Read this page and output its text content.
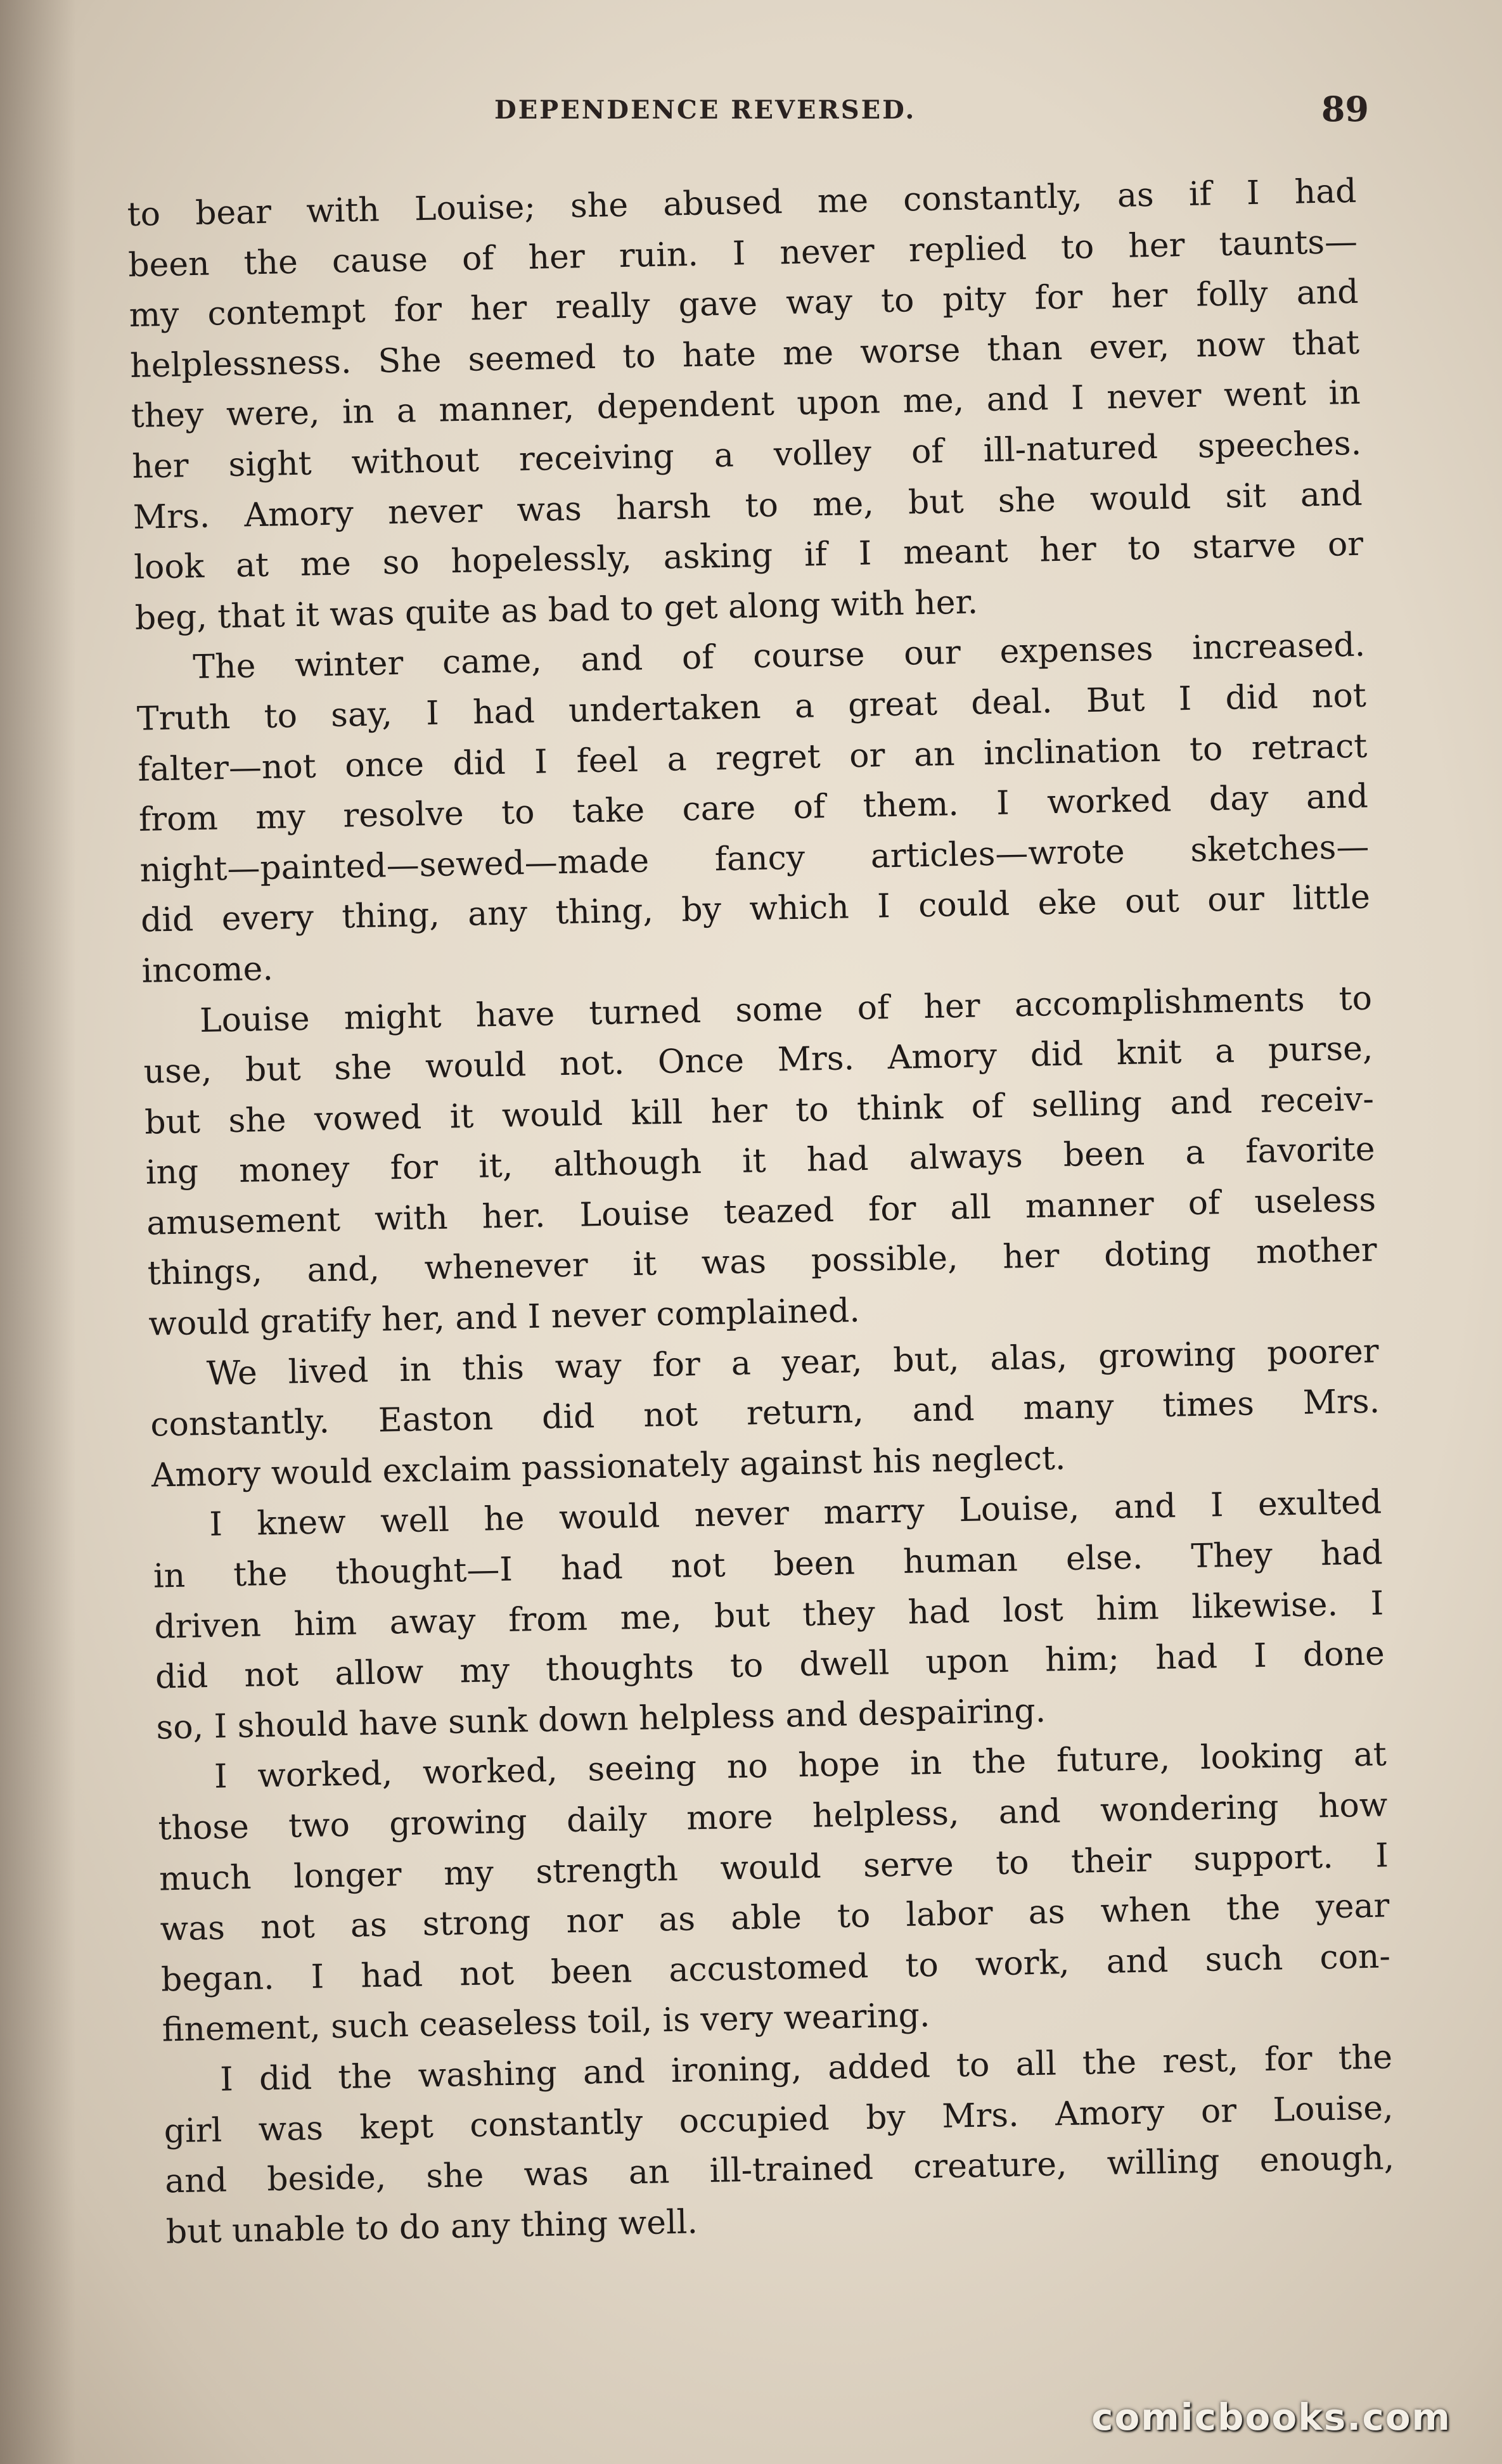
DEPENDENCE REVERSED.	89
to bear with Louise; she abused me constantly, as if I had
been the cause of her ruin. I never replied to her taunts—
my contempt for her really gave way to pity for her folly and
helplessness. She seemed to hate me worse than ever, now that
they were, in a manner, dependent upon me, and I never went in
her sight without receiving a volley of ill-natured speeches.
Mrs. Amory never was harsh to me, but she would sit and
look at me so hopelessly, asking if I meant her to starve or
beg, that it was quite as bad to get along with her.
The winter came, and of course our expenses increased.
Truth to say, I had undertaken a great deal. But I did not
falter—not once did I feel a regret or an inclination to retract
from my resolve to take care of them. I worked day and
night—painted—sewed—made fancy articles—wrote sketches—
did every thing, any thing, by which I could eke out our little
income.
Louise might have turned some of her accomplishments to
use, but she would not. Once Mrs. Amory did knit a purse,
but she vowed it would kill her to think of selling and receiv-
ing money for it, although it had always been a favorite
amusement with her. Louise teazed for all manner of useless
things, and, whenever it was possible, her doting mother
would gratify her, and I never complained.
We lived in this way for a year, but, alas, growing poorer
constantly. Easton did not return, and many times Mrs.
Amory would exclaim passionately against his neglect.
I knew well he would never marry Louise, and I exulted
in the thought—I had not been human else. They had
driven him away from me, but they had lost him likewise. I
did not allow my thoughts to dwell upon him; had I done
so, I should have sunk down helpless and despairing.
I worked, worked, seeing no hope in the future, looking at
those two growing daily more helpless, and wondering how
much longer my strength would serve to their support. I
was not as strong nor as able to labor as when the year
began. I had not been accustomed to work, and such con-
finement, such ceaseless toil, is very wearing.
I did the washing and ironing, added to all the rest, for the
girl was kept constantly occupied by Mrs. Amory or Louise,
and beside, she was an ill-trained creature, willing enough,
but unable to do any thing well.
comicbooks.com
